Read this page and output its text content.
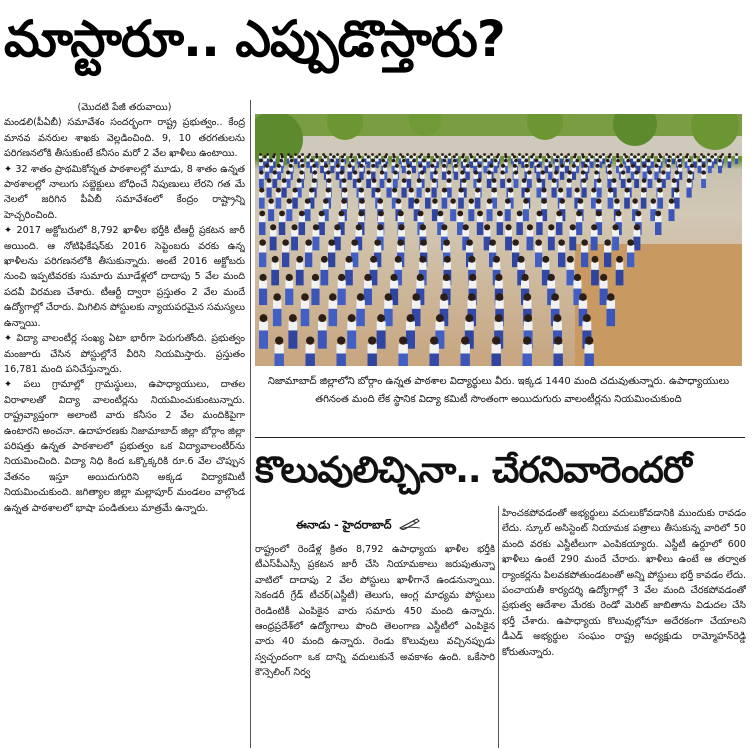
మాస్టారూ.. ఎప్పుడొస్తారు?

(మొదటి పేజీ తరువాయి)

మండలి(పీఏబీ) సమావేశం సందర్భంగా రాష్ట్ర ప్రభుత్వం.. కేంద్ర మానవ వనరుల శాఖకు వెల్లడించింది. 9, 10 తరగతులను పరిగణనలోకి తీసుకుంటే కనీసం మరో 2 వేల ఖాళీలు ఉంటాయి.

✦ 32 శాతం ప్రాథమికోన్నత పాఠశాలల్లో మూడు, 8 శాతం ఉన్నత పాఠశాలల్లో నాలుగు సబ్జెక్టులు బోధించే నిపుణులు లేరని గత మే నెలలో జరిగిన పీఏబీ సమావేశంలో కేంద్రం రాష్ట్రాన్ని హెచ్చరించింది.

✦ 2017 అక్టోబరులో 8,792 ఖాళీల భర్తీకి టీఆర్టీ ప్రకటన జారీ అయింది. ఆ నోటిఫికేషన్‌కు 2016 సెప్టెంబరు వరకు ఉన్న ఖాళీలను పరిగణనలోకి తీసుకున్నారు. అంటే 2016 అక్టోబరు నుంచి ఇప్పటివరకు సుమారు మూడేళ్లలో దాదాపు 5 వేల మంది పదవీ విరమణ చేశారు. టీఆర్టీ ద్వారా ప్రస్తుతం 2 వేల మందే ఉద్యోగాల్లో చేరారు. మిగిలిన పోస్టులకు న్యాయపరమైన సమస్యలు ఉన్నాయి.

✦ విద్యా వాలంటీర్ల సంఖ్య ఏటా భారీగా పెరుగుతోంది. ప్రభుత్వం మంజూరు చేసిన పోస్టుల్లోనే వీరిని నియమిస్తారు. ప్రస్తుతం 16,781 మంది పనిచేస్తున్నారు.

✦ పలు గ్రామాల్లో గ్రామస్థులు, ఉపాధ్యాయులు, దాతల విరాళాలతో విద్యా వాలంటీర్లను నియమించుకుంటున్నారు. రాష్ట్రవ్యాప్తంగా అలాంటి వారు కనీసం 2 వేల మందికిపైగా ఉంటారని అంచనా. ఉదాహరణకు నిజామాబాద్‌ జిల్లా బోర్గాం జిల్లా పరిషత్తు ఉన్నత పాఠశాలలో ప్రభుత్వం ఒక విద్యావాలంటీర్‌ను నియమించింది. విద్యా నిధి కింద ఒక్కొక్కరికి రూ.6 వేల చొప్పున వేతనం ఇస్తూ అయిదుగురిని అక్కడ విద్యాకమిటీ నియమించుకుంది. జగిత్యాల జిల్లా మల్లాపూర్‌ మండలం వాల్గొండ ఉన్నత పాఠశాలలో భాషా పండితులు మాత్రమే ఉన్నారు.

నిజామాబాద్‌ జిల్లాలోని బోర్గాం ఉన్నత పాఠశాల విద్యార్థులు వీరు. ఇక్కడ 1440 మంది చదువుతున్నారు. ఉపాధ్యాయులు తగినంత మంది లేక స్థానిక విద్యా కమిటీ సొంతంగా అయిదుగురు వాలంటీర్లను నియమించుకుంది
కొలువులిచ్చినా.. చేరనివారెందరో
ఈనాడు - హైదరాబాద్‌
రాష్ట్రంలో రెండేళ్ల క్రితం 8,792 ఉపాధ్యాయ ఖాళీల భర్తీకి టీఎస్‌పీఎస్సీ ప్రకటన జారీ చేసి నియామకాలు జరుపుతున్నా వాటిలో దాదాపు 2 వేల పోస్టులు ఖాళీగానే ఉండనున్నాయి. సెకండరీ గ్రేడ్‌ టీచర్‌(ఎస్జీటీ) తెలుగు, ఆంగ్ల మాధ్యమ పోస్టులు రెండింటికీ ఎంపికైన వారు సమారు 450 మంది ఉన్నారు. ఆంధ్రప్రదేశ్‌లో ఉద్యోగాలు పొంది తెలంగాణ ఎస్జీటీలో ఎంపికైన వారు 40 మంది ఉన్నారు. రెండు కొలువులు వచ్చినప్పుడు స్వచ్ఛందంగా ఒక దాన్ని వదులుకునే అవకాశం ఉంది. ఒకేసారి కౌన్సెలింగ్‌ నిర్వ
హించకపోవడంతో అభ్యర్థులు వదులుకోవడానికి ముందుకు రావడం లేదు. స్కూల్‌ అసిస్టెంట్‌ నియామక పత్రాలు తీసుకున్న వారిలో 50 మంది వరకు ఎస్జీటీలుగా ఎంపికయ్యారు. ఎస్జీటీ ఉర్దూలో 600 ఖాళీలు ఉంటే 290 మందే చేరారు. ఖాళీలు ఉంటే ఆ తర్వాత ర్యాంకర్లను పిలవకపోతుండటంతో అన్ని పోస్టులు భర్తీ కావడం లేదు. పంచాయతీ కార్యదర్శి ఉద్యోగాల్లో 3 వేల మంది చేరకపోవడంతో ప్రభుత్వ ఆదేశాల మేరకు రెండో మెరిట్‌ జాబితాను విడుదల చేసి భర్తీ చేశారు. ఉపాధ్యాయ కొలువుల్లోనూ అదేరకంగా చేయాలని డీఎడ్‌ అభ్యర్థుల సంఘం రాష్ట్ర అధ్యక్షుడు రామ్మోహన్‌రెడ్డి కోరుతున్నారు.
